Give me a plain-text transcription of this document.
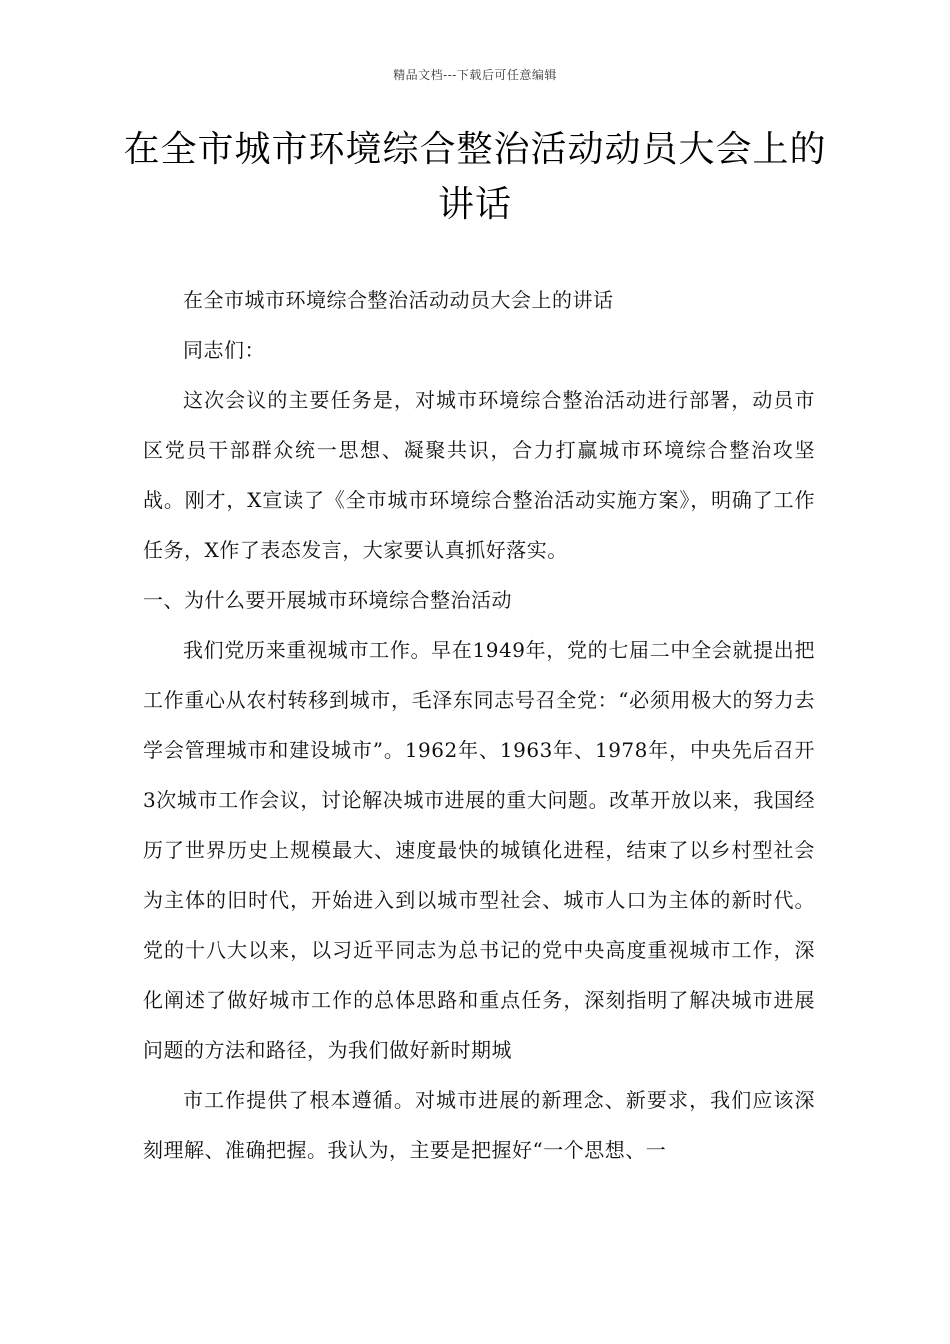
精品文档---下载后可任意编辑
在全市城市环境综合整治活动动员大会上的讲话

在全市城市环境综合整治活动动员大会上的讲话

同志们：

这次会议的主要任务是，对城市环境综合整治活动进行部署，动员市区党员干部群众统一思想、凝聚共识，合力打赢城市环境综合整治攻坚战。刚才，X宣读了《全市城市环境综合整治活动实施方案》，明确了工作任务，X作了表态发言，大家要认真抓好落实。

一、为什么要开展城市环境综合整治活动

我们党历来重视城市工作。早在1949年，党的七届二中全会就提出把工作重心从农村转移到城市，毛泽东同志号召全党：“必须用极大的努力去学会管理城市和建设城市”。1962年、1963年、1978年，中央先后召开3次城市工作会议，讨论解决城市进展的重大问题。改革开放以来，我国经历了世界历史上规模最大、速度最快的城镇化进程，结束了以乡村型社会为主体的旧时代，开始进入到以城市型社会、城市人口为主体的新时代。党的十八大以来，以习近平同志为总书记的党中央高度重视城市工作，深化阐述了做好城市工作的总体思路和重点任务，深刻指明了解决城市进展问题的方法和路径，为我们做好新时期城

市工作提供了根本遵循。对城市进展的新理念、新要求，我们应该深刻理解、准确把握。我认为，主要是把握好“一个思想、一
